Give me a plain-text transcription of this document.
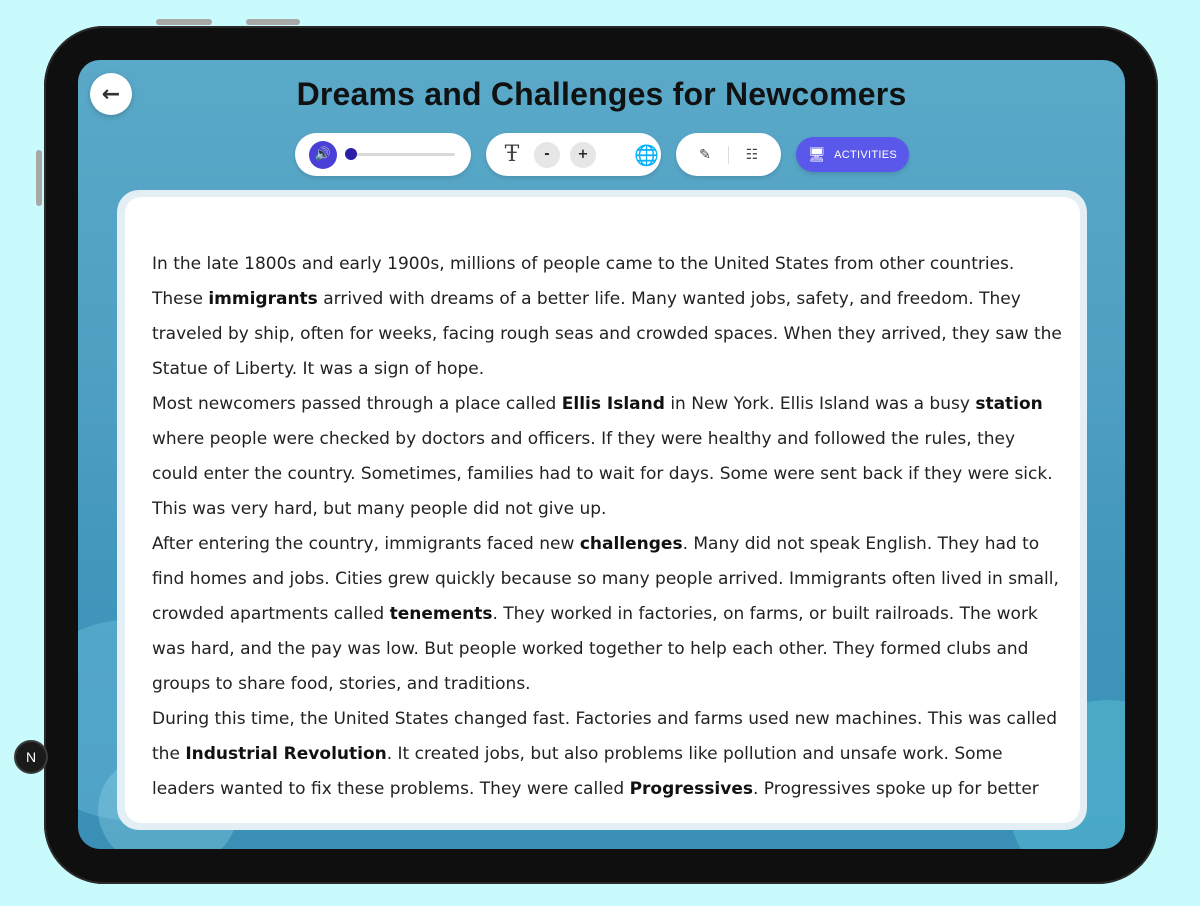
←	Dreams and Challenges for Newcomers
🔊	Ŧ	-	+	🌐	✎	☷	🖥 ACTIVITIES

In the late 1800s and early 1900s, millions of people came to the United States from other countries. These immigrants arrived with dreams of a better life. Many wanted jobs, safety, and freedom. They traveled by ship, often for weeks, facing rough seas and crowded spaces. When they arrived, they saw the Statue of Liberty. It was a sign of hope.

Most newcomers passed through a place called Ellis Island in New York. Ellis Island was a busy station where people were checked by doctors and officers. If they were healthy and followed the rules, they could enter the country. Sometimes, families had to wait for days. Some were sent back if they were sick. This was very hard, but many people did not give up.

After entering the country, immigrants faced new challenges. Many did not speak English. They had to find homes and jobs. Cities grew quickly because so many people arrived. Immigrants often lived in small, crowded apartments called tenements. They worked in factories, on farms, or built railroads. The work was hard, and the pay was low. But people worked together to help each other. They formed clubs and groups to share food, stories, and traditions.

During this time, the United States changed fast. Factories and farms used new machines. This was called the Industrial Revolution. It created jobs, but also problems like pollution and unsafe work. Some leaders wanted to fix these problems. They were called Progressives. Progressives spoke up for better

N
